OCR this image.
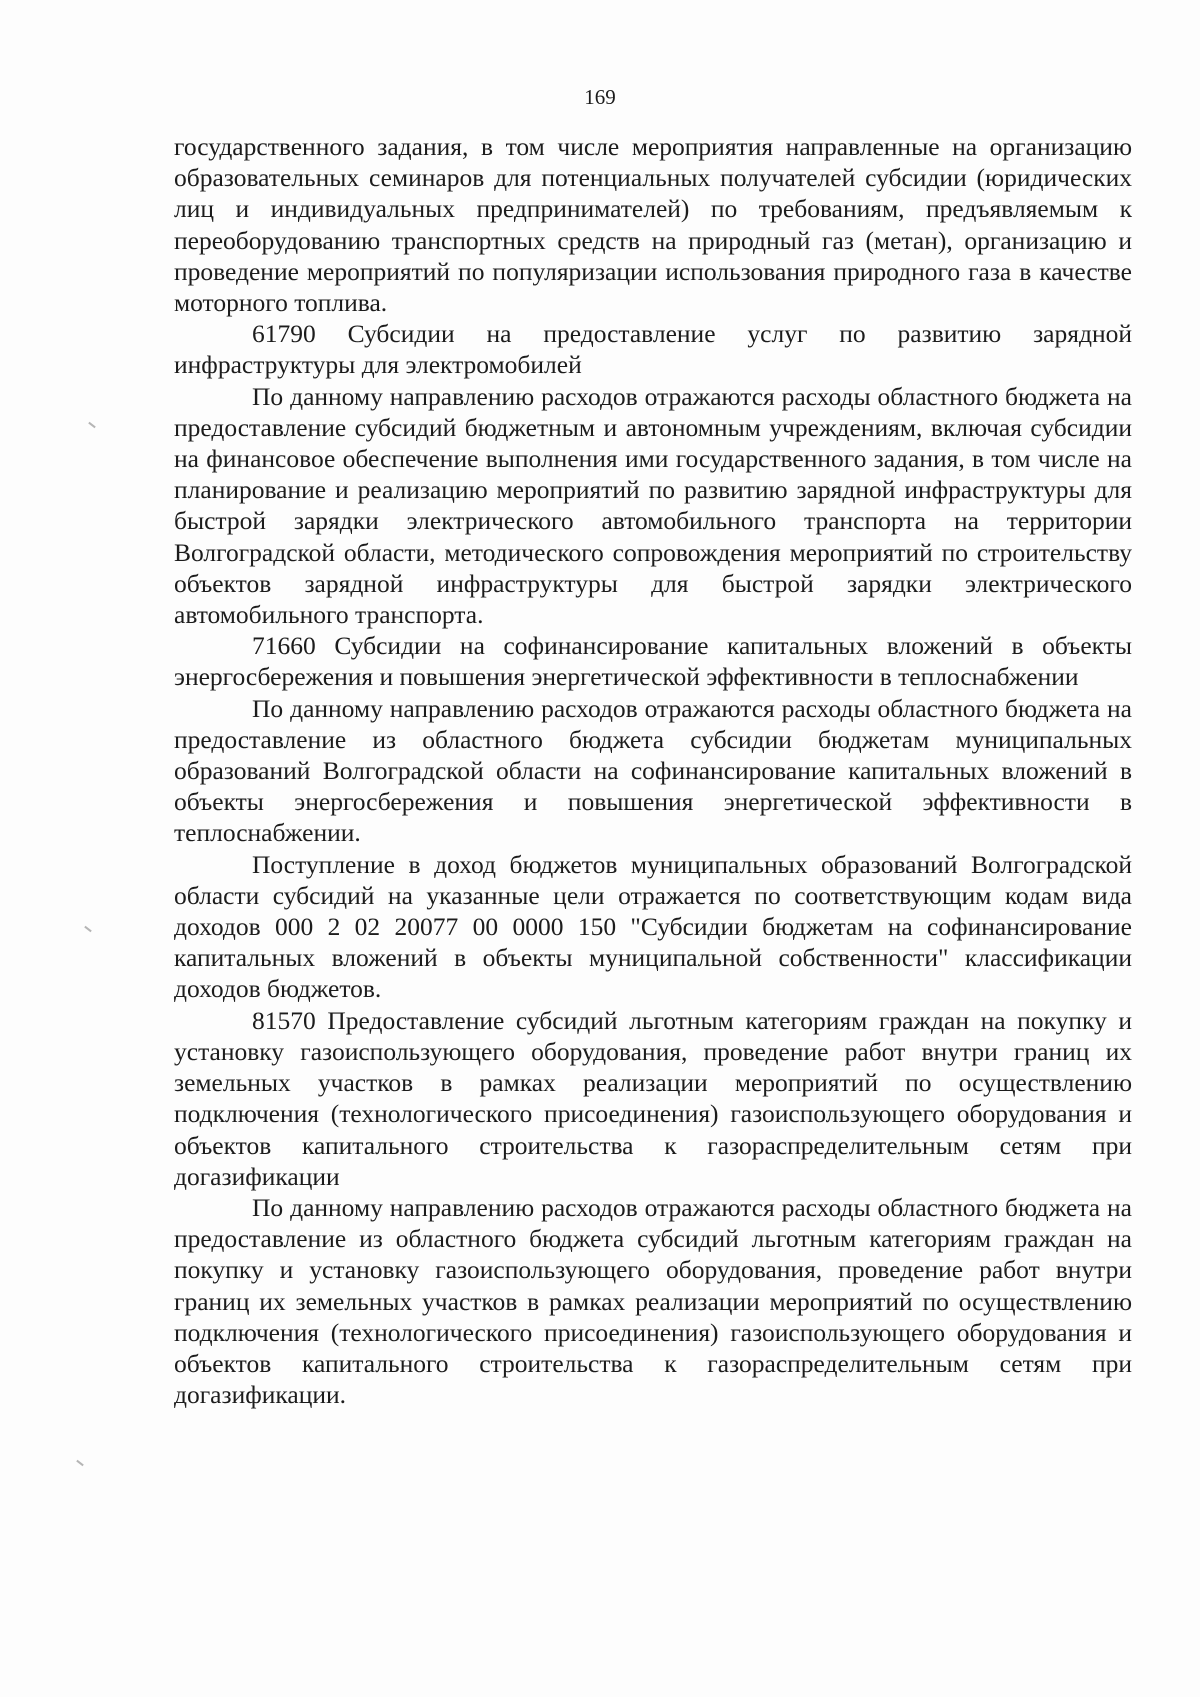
169

государственного задания, в том числе мероприятия направленные на организацию образовательных семинаров для потенциальных получателей субсидии (юридических лиц и индивидуальных предпринимателей) по требованиям, предъявляемым к переоборудованию транспортных средств на природный газ (метан), организацию и проведение мероприятий по популяризации использования природного газа в качестве моторного топлива.

61790 Субсидии на предоставление услуг по развитию зарядной инфраструктуры для электромобилей

По данному направлению расходов отражаются расходы областного бюджета на предоставление субсидий бюджетным и автономным учреждениям, включая субсидии на финансовое обеспечение выполнения ими государственного задания, в том числе на планирование и реализацию мероприятий по развитию зарядной инфраструктуры для быстрой зарядки электрического автомобильного транспорта на территории Волгоградской области, методического сопровождения мероприятий по строительству объектов зарядной инфраструктуры для быстрой зарядки электрического автомобильного транспорта.

71660 Субсидии на софинансирование капитальных вложений в объекты энергосбережения и повышения энергетической эффективности в теплоснабжении

По данному направлению расходов отражаются расходы областного бюджета на предоставление из областного бюджета субсидии бюджетам муниципальных образований Волгоградской области на софинансирование капитальных вложений в объекты энергосбережения и повышения энергетической эффективности в теплоснабжении.

Поступление в доход бюджетов муниципальных образований Волгоградской области субсидий на указанные цели отражается по соответствующим кодам вида доходов 000 2 02 20077 00 0000 150 "Субсидии бюджетам на софинансирование капитальных вложений в объекты муниципальной собственности" классификации доходов бюджетов.

81570 Предоставление субсидий льготным категориям граждан на покупку и установку газоиспользующего оборудования, проведение работ внутри границ их земельных участков в рамках реализации мероприятий по осуществлению подключения (технологического присоединения) газоиспользующего оборудования и объектов капитального строительства к газораспределительным сетям при догазификации

По данному направлению расходов отражаются расходы областного бюджета на предоставление из областного бюджета субсидий льготным категориям граждан на покупку и установку газоиспользующего оборудования, проведение работ внутри границ их земельных участков в рамках реализации мероприятий по осуществлению подключения (технологического присоединения) газоиспользующего оборудования и объектов капитального строительства к газораспределительным сетям при догазификации.
